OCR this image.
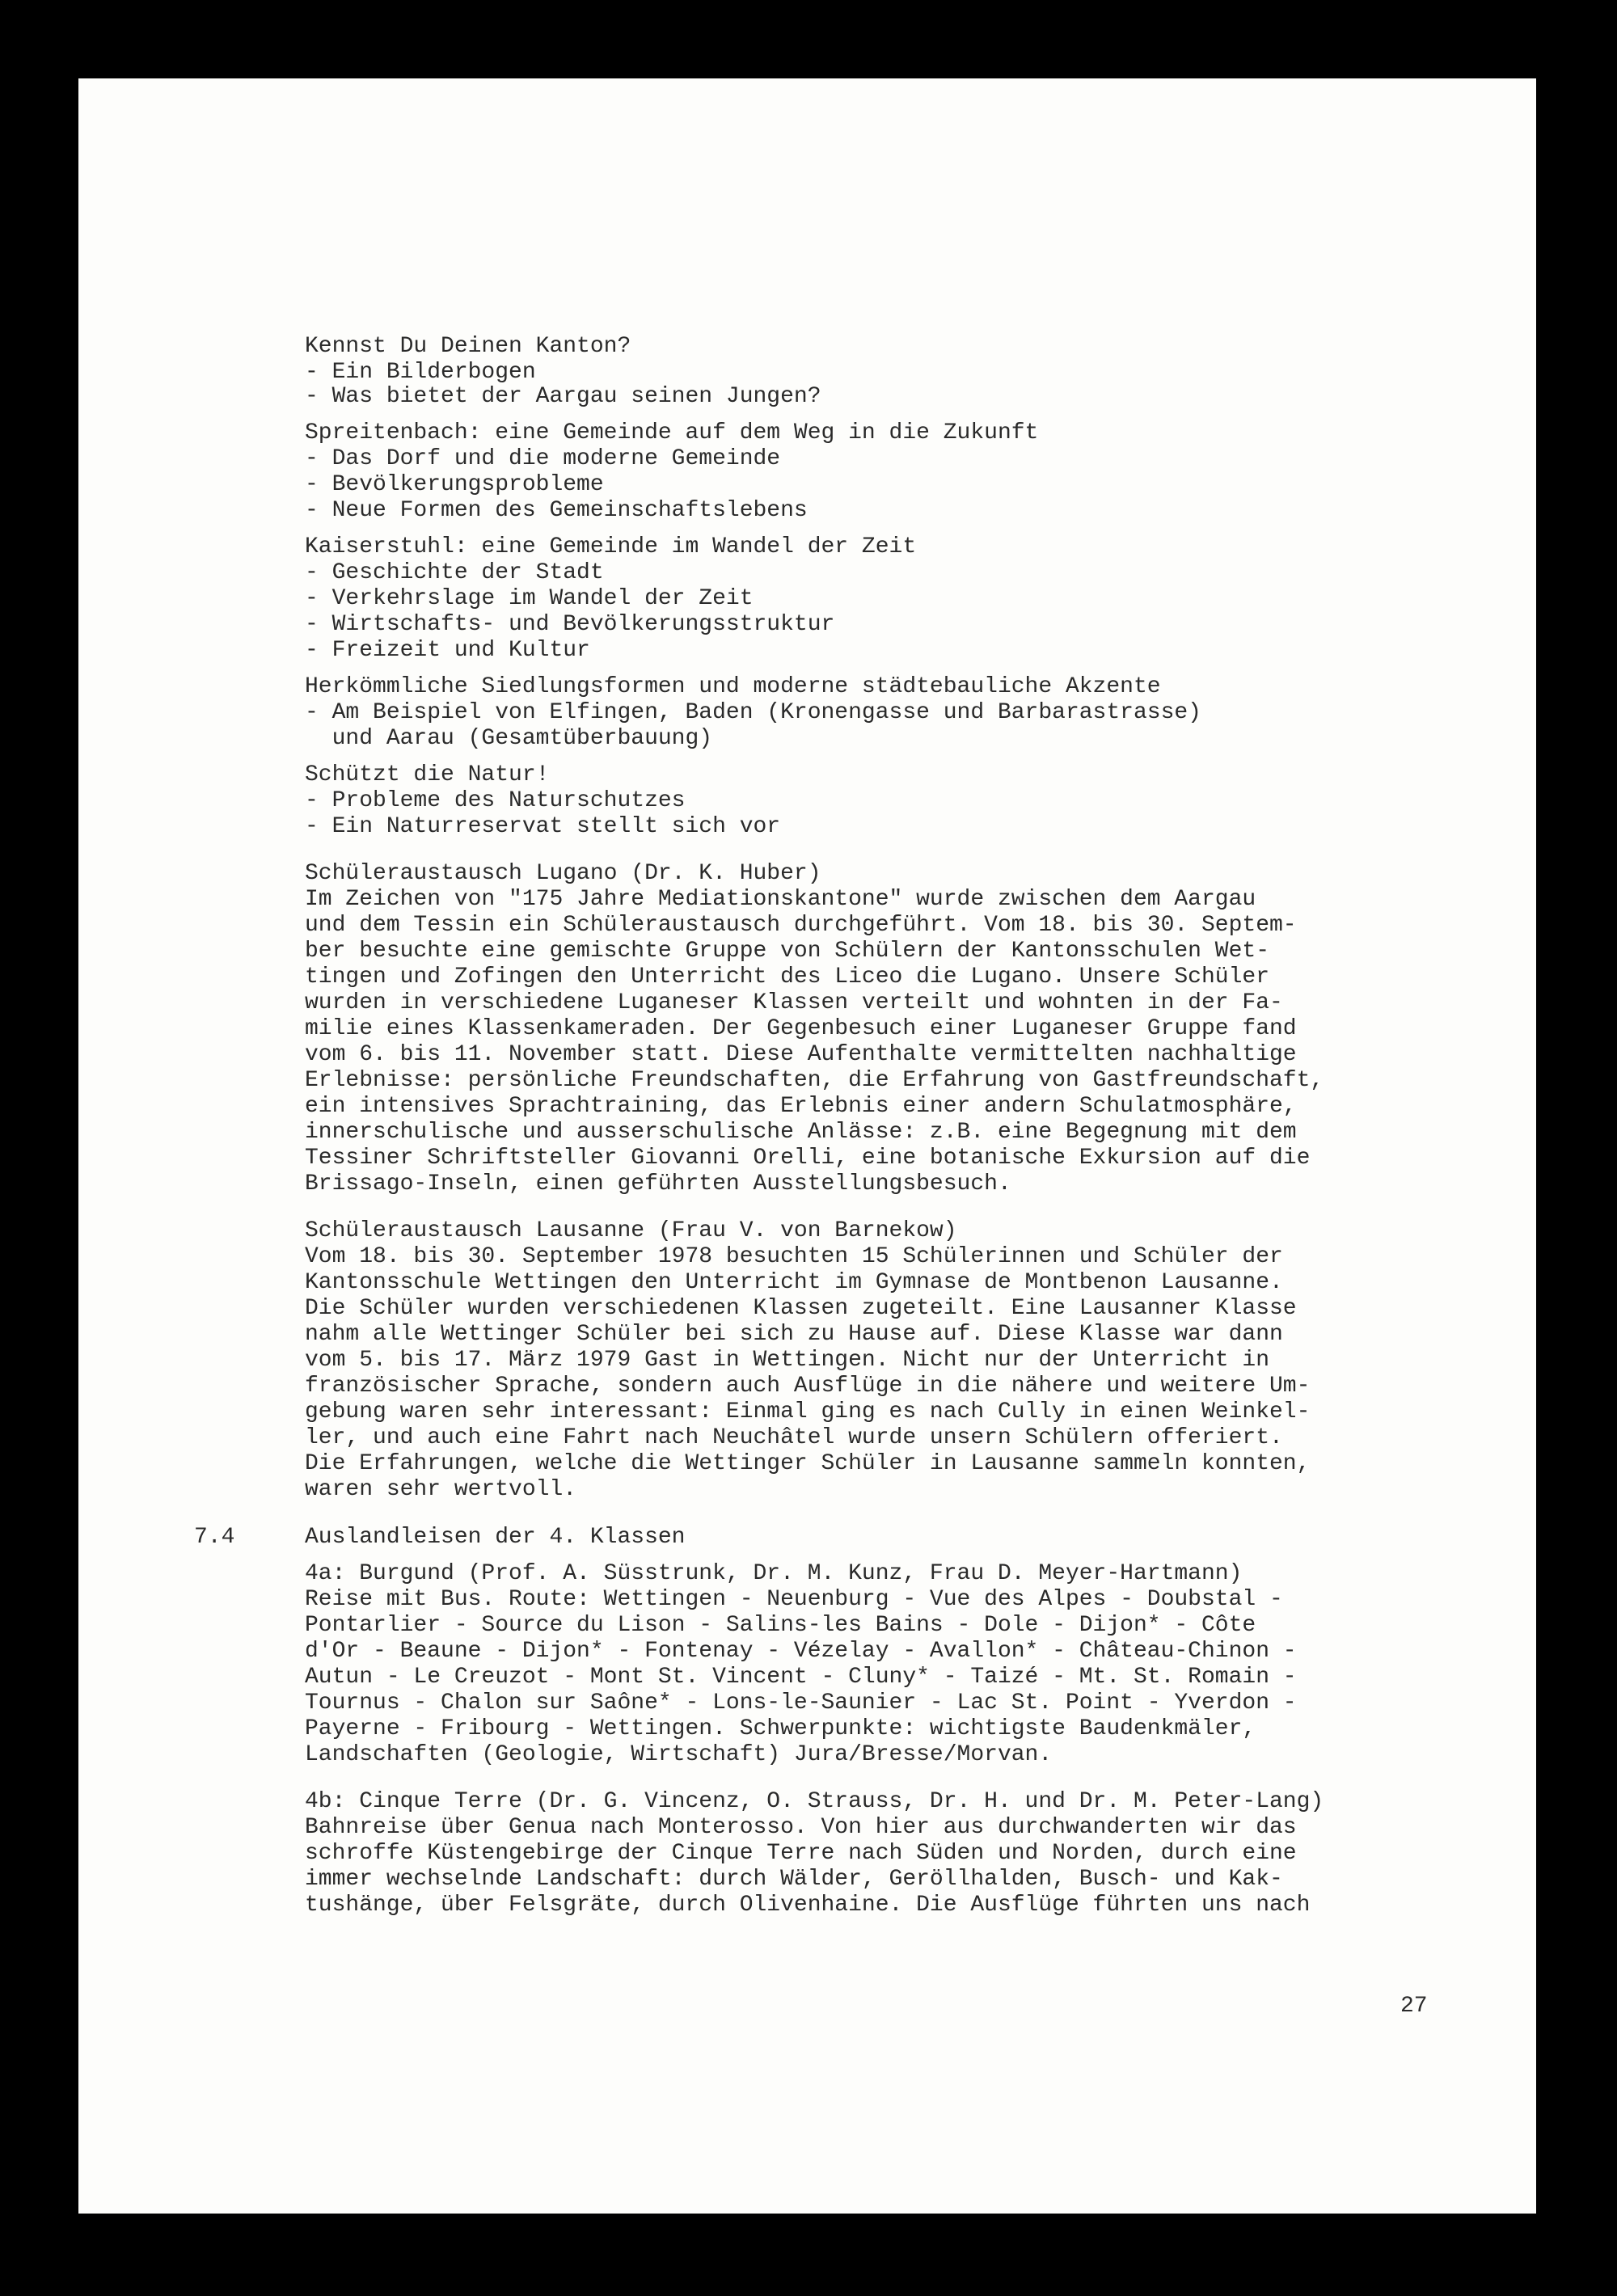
7.4
27
Kennst Du Deinen Kanton?
- Ein Bilderbogen
- Was bietet der Aargau seinen Jungen?
Spreitenbach: eine Gemeinde auf dem Weg in die Zukunft
- Das Dorf und die moderne Gemeinde
- Bevölkerungsprobleme
- Neue Formen des Gemeinschaftslebens
Kaiserstuhl: eine Gemeinde im Wandel der Zeit
- Geschichte der Stadt
- Verkehrslage im Wandel der Zeit
- Wirtschafts- und Bevölkerungsstruktur
- Freizeit und Kultur
Herkömmliche Siedlungsformen und moderne städtebauliche Akzente
- Am Beispiel von Elfingen, Baden (Kronengasse und Barbarastrasse)
und Aarau (Gesamtüberbauung)
Schützt die Natur!
- Probleme des Naturschutzes
- Ein Naturreservat stellt sich vor
Schüleraustausch Lugano (Dr. K. Huber)
Im Zeichen von "175 Jahre Mediationskantone" wurde zwischen dem Aargau
und dem Tessin ein Schüleraustausch durchgeführt. Vom 18. bis 30. Septem-
ber besuchte eine gemischte Gruppe von Schülern der Kantonsschulen Wet-
tingen und Zofingen den Unterricht des Liceo die Lugano. Unsere Schüler
wurden in verschiedene Luganeser Klassen verteilt und wohnten in der Fa-
milie eines Klassenkameraden. Der Gegenbesuch einer Luganeser Gruppe fand
vom 6. bis 11. November statt. Diese Aufenthalte vermittelten nachhaltige
Erlebnisse: persönliche Freundschaften, die Erfahrung von Gastfreundschaft,
ein intensives Sprachtraining, das Erlebnis einer andern Schulatmosphäre,
innerschulische und ausserschulische Anlässe: z.B. eine Begegnung mit dem
Tessiner Schriftsteller Giovanni Orelli, eine botanische Exkursion auf die
Brissago-Inseln, einen geführten Ausstellungsbesuch.
Schüleraustausch Lausanne (Frau V. von Barnekow)
Vom 18. bis 30. September 1978 besuchten 15 Schülerinnen und Schüler der
Kantonsschule Wettingen den Unterricht im Gymnase de Montbenon Lausanne.
Die Schüler wurden verschiedenen Klassen zugeteilt. Eine Lausanner Klasse
nahm alle Wettinger Schüler bei sich zu Hause auf. Diese Klasse war dann
vom 5. bis 17. März 1979 Gast in Wettingen. Nicht nur der Unterricht in
französischer Sprache, sondern auch Ausflüge in die nähere und weitere Um-
gebung waren sehr interessant: Einmal ging es nach Cully in einen Weinkel-
ler, und auch eine Fahrt nach Neuchâtel wurde unsern Schülern offeriert.
Die Erfahrungen, welche die Wettinger Schüler in Lausanne sammeln konnten,
waren sehr wertvoll.
Auslandleisen der 4. Klassen
4a: Burgund (Prof. A. Süsstrunk, Dr. M. Kunz, Frau D. Meyer-Hartmann)
Reise mit Bus. Route: Wettingen - Neuenburg - Vue des Alpes - Doubstal -
Pontarlier - Source du Lison - Salins-les Bains - Dole - Dijon* - Côte
d'Or - Beaune - Dijon* - Fontenay - Vézelay - Avallon* - Château-Chinon -
Autun - Le Creuzot - Mont St. Vincent - Cluny* - Taizé - Mt. St. Romain -
Tournus - Chalon sur Saône* - Lons-le-Saunier - Lac St. Point - Yverdon -
Payerne - Fribourg - Wettingen. Schwerpunkte: wichtigste Baudenkmäler,
Landschaften (Geologie, Wirtschaft) Jura/Bresse/Morvan.
4b: Cinque Terre (Dr. G. Vincenz, O. Strauss, Dr. H. und Dr. M. Peter-Lang)
Bahnreise über Genua nach Monterosso. Von hier aus durchwanderten wir das
schroffe Küstengebirge der Cinque Terre nach Süden und Norden, durch eine
immer wechselnde Landschaft: durch Wälder, Geröllhalden, Busch- und Kak-
tushänge, über Felsgräte, durch Olivenhaine. Die Ausflüge führten uns nach
